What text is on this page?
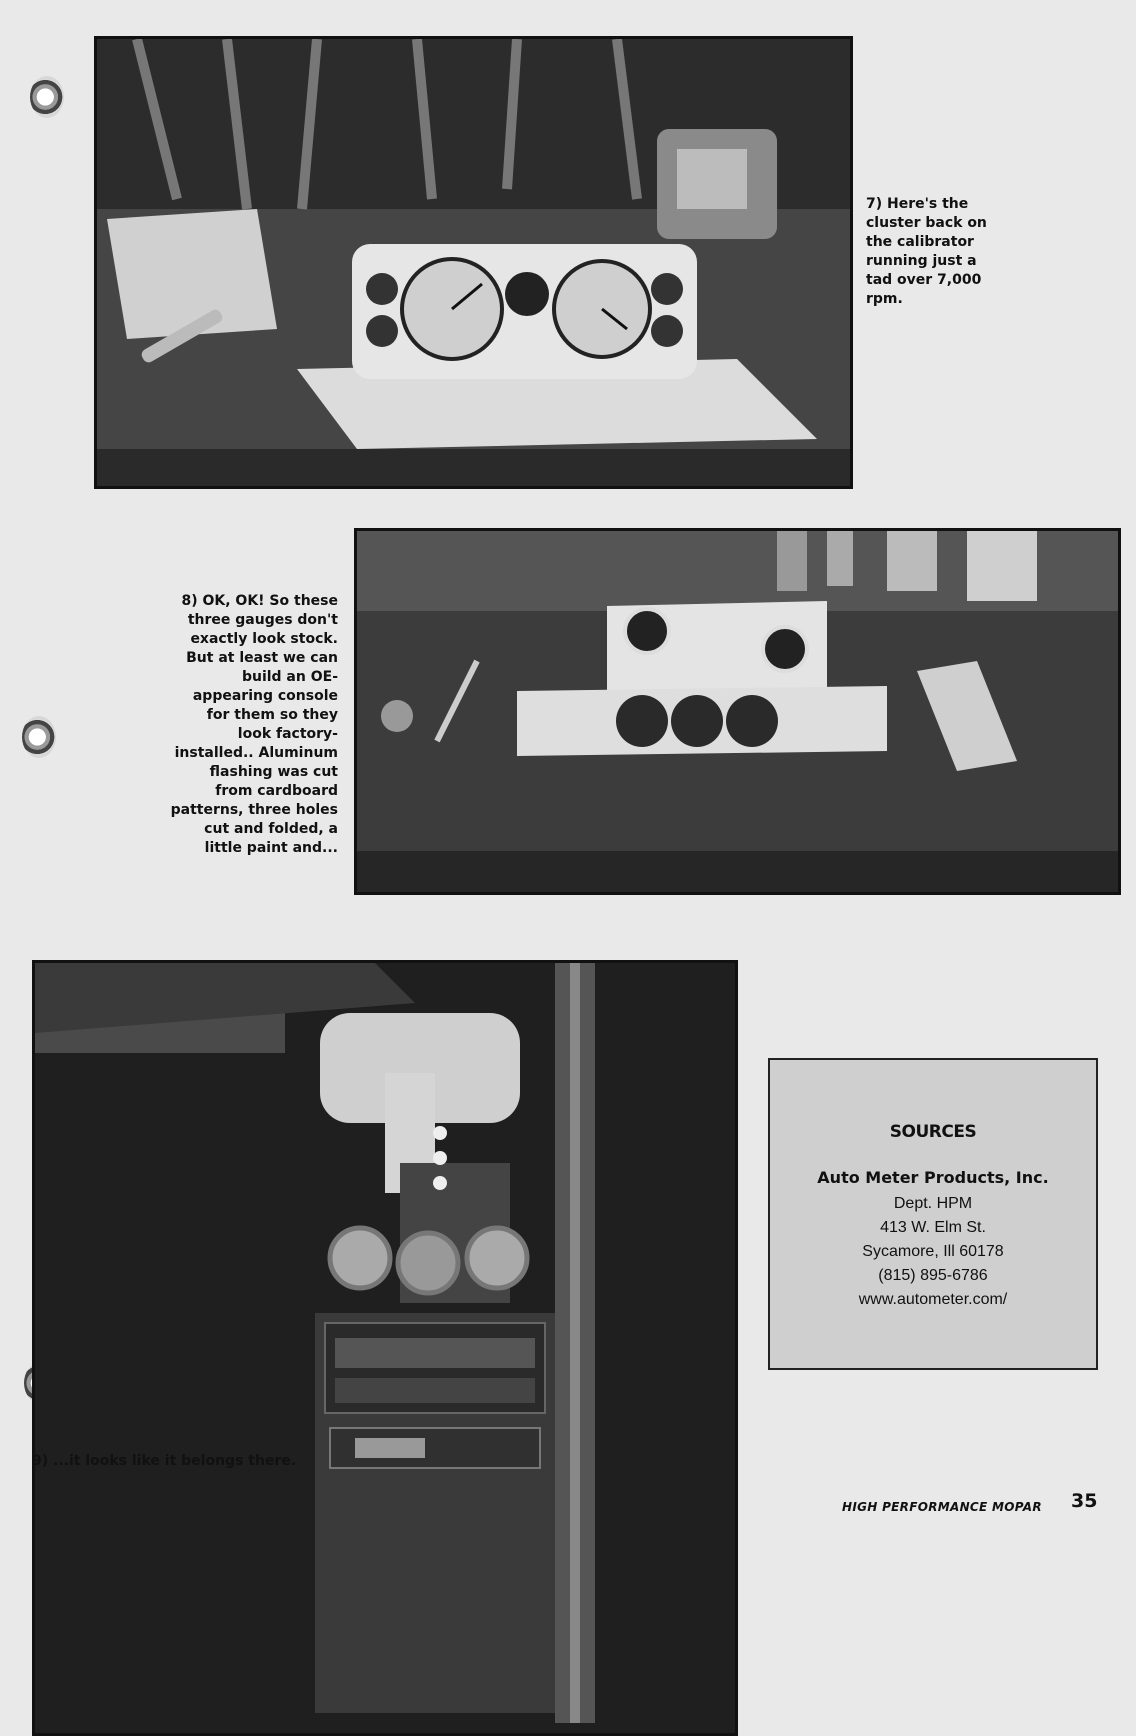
7) Here's the cluster back on the calibrator running just a tad over 7,000 rpm.
8) OK, OK! So these three gauges don't exactly look stock. But at least we can build an OE-appearing console for them so they look factory-installed.. Aluminum flashing was cut from cardboard patterns, three holes cut and folded, a little paint and...
9) ...it looks like it belongs there.
SOURCES
Auto Meter Products, Inc.
Dept. HPM
413 W. Elm St.
Sycamore, Ill 60178
(815) 895-6786
www.autometer.com/
HIGH PERFORMANCE MOPAR 35
